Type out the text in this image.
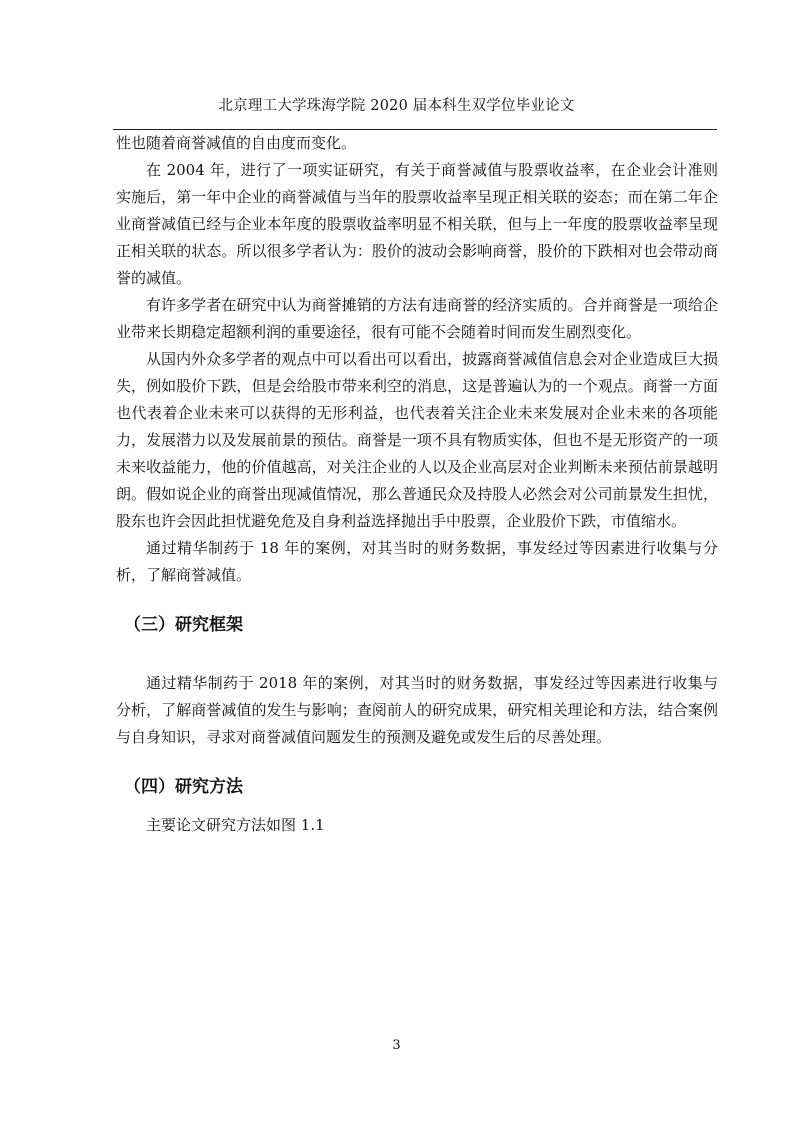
北京理工大学珠海学院 2020 届本科生双学位毕业论文

性也随着商誉减值的自由度而变化。

在 2004 年，进行了一项实证研究，有关于商誉减值与股票收益率，在企业会计准则实施后，第一年中企业的商誉减值与当年的股票收益率呈现正相关联的姿态；而在第二年企业商誉减值已经与企业本年度的股票收益率明显不相关联，但与上一年度的股票收益率呈现正相关联的状态。所以很多学者认为：股价的波动会影响商誉，股价的下跌相对也会带动商誉的减值。

有许多学者在研究中认为商誉摊销的方法有违商誉的经济实质的。合并商誉是一项给企业带来长期稳定超额利润的重要途径，很有可能不会随着时间而发生剧烈变化。

从国内外众多学者的观点中可以看出可以看出，披露商誉减值信息会对企业造成巨大损失，例如股价下跌，但是会给股市带来利空的消息，这是普遍认为的一个观点。商誉一方面也代表着企业未来可以获得的无形利益，也代表着关注企业未来发展对企业未来的各项能力，发展潜力以及发展前景的预估。商誉是一项不具有物质实体，但也不是无形资产的一项未来收益能力，他的价值越高，对关注企业的人以及企业高层对企业判断未来预估前景越明朗。假如说企业的商誉出现减值情况，那么普通民众及持股人必然会对公司前景发生担忧，股东也许会因此担忧避免危及自身利益选择抛出手中股票，企业股价下跌，市值缩水。

通过精华制药于 18 年的案例，对其当时的财务数据，事发经过等因素进行收集与分析，了解商誉减值。

（三）研究框架

通过精华制药于 2018 年的案例，对其当时的财务数据，事发经过等因素进行收集与分析，了解商誉减值的发生与影响；查阅前人的研究成果，研究相关理论和方法，结合案例与自身知识，寻求对商誉减值问题发生的预测及避免或发生后的尽善处理。

（四）研究方法

主要论文研究方法如图 1.1

3
